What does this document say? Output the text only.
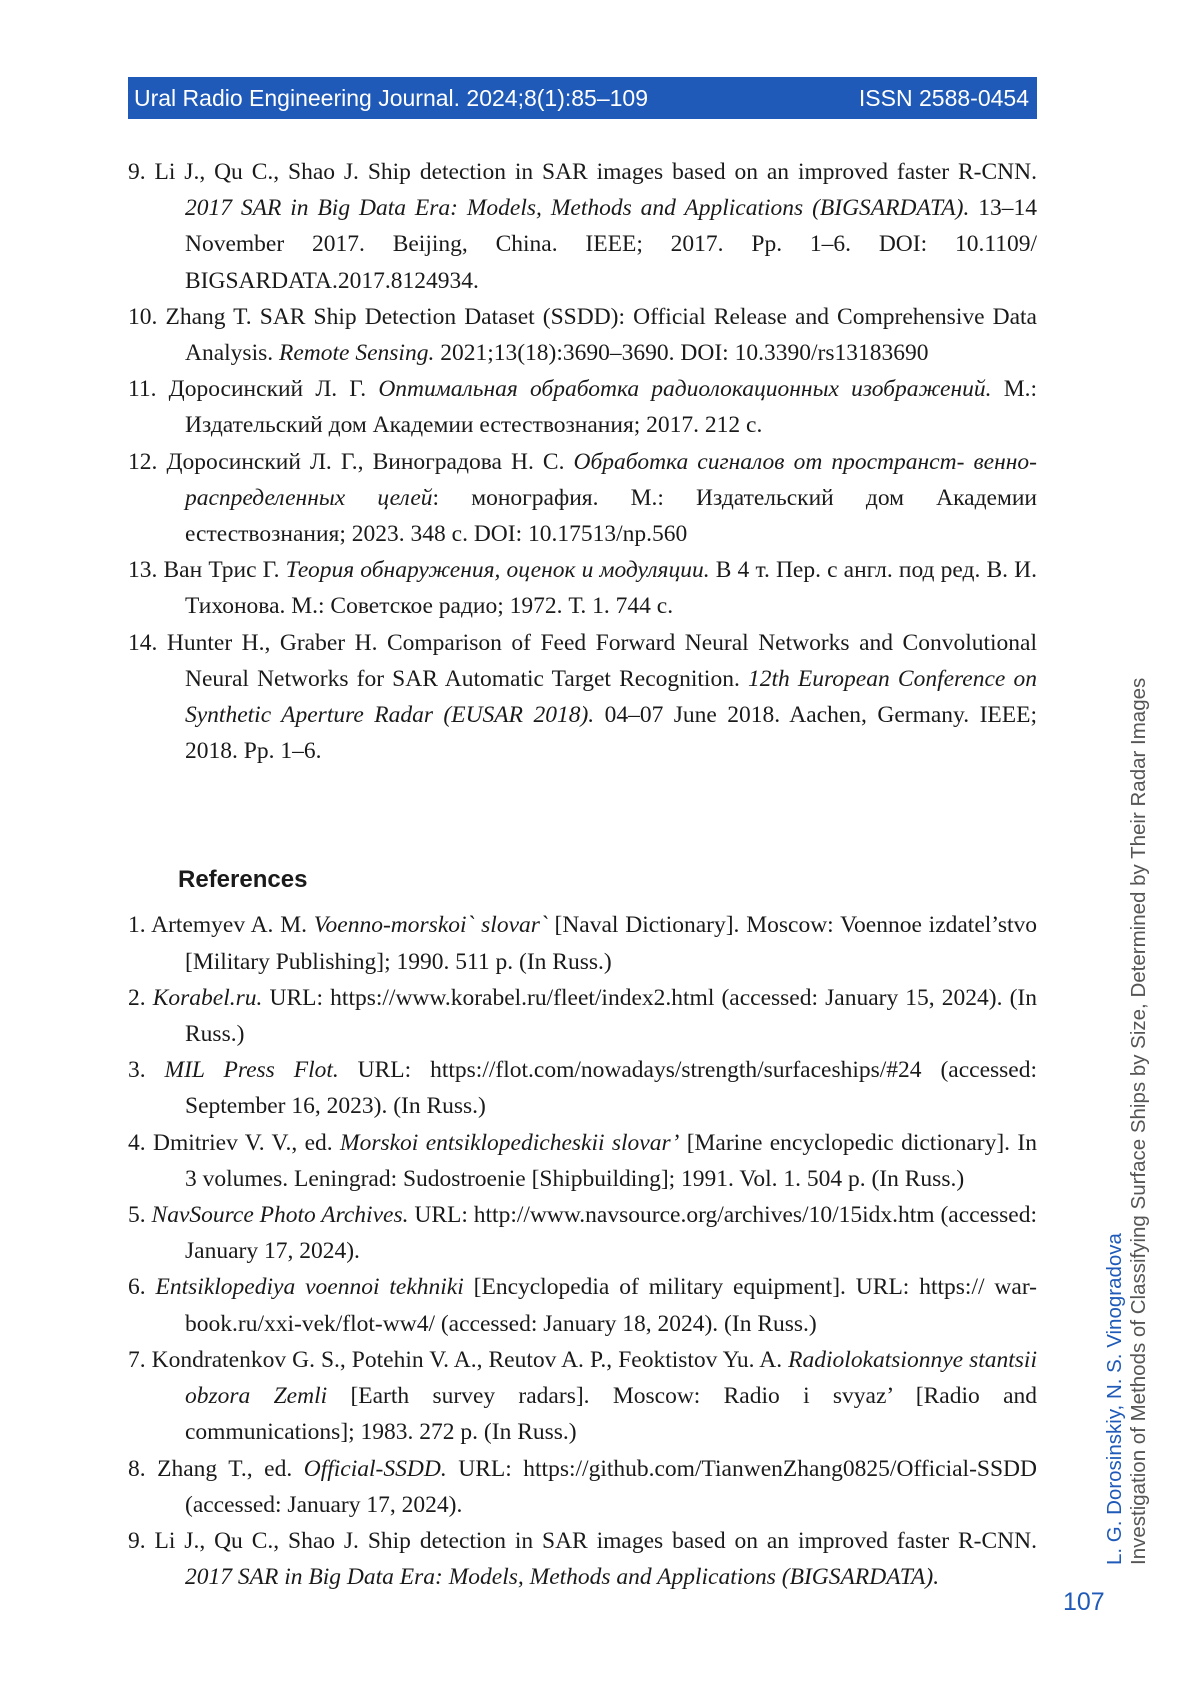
Ural Radio Engineering Journal. 2024;8(1):85–109	ISSN 2588-0454

9. Li J., Qu C., Shao J. Ship detection in SAR images based on an improved faster R-CNN. 2017 SAR in Big Data Era: Models, Methods and Applications (BIGSARDATA). 13–14 November 2017. Beijing, China. IEEE; 2017. Pp. 1–6. DOI: 10.1109/ BIGSARDATA.2017.8124934.

10. Zhang T. SAR Ship Detection Dataset (SSDD): Official Release and Comprehensive Data Analysis. Remote Sensing. 2021;13(18):3690–3690. DOI: 10.3390/rs13183690

11. Доросинский Л. Г. Оптимальная обработка радиолокационных изображений. М.: Издательский дом Академии естествознания; 2017. 212 с.

12. Доросинский Л. Г., Виноградова Н. С. Обработка сигналов от пространст- венно- распределенных целей: монография. М.: Издательский дом Академии естествознания; 2023. 348 с. DOI: 10.17513/np.560

13. Ван Трис Г. Теория обнаружения, оценок и модуляции. В 4 т. Пер. с англ. под ред. В. И. Тихонова. М.: Советское радио; 1972. Т. 1. 744 с.

14. Hunter H., Graber H. Comparison of Feed Forward Neural Networks and Convolutional Neural Networks for SAR Automatic Target Recognition. 12th European Conference on Synthetic Aperture Radar (EUSAR 2018). 04–07 June 2018. Aachen, Germany. IEEE; 2018. Pp. 1–6.

References

1. Artemyev A. M. Voenno-morskoi` slovar` [Naval Dictionary]. Moscow: Voennoe izdatel’stvo [Military Publishing]; 1990. 511 p. (In Russ.)

2. Korabel.ru. URL: https://www.korabel.ru/fleet/index2.html (accessed: January 15, 2024). (In Russ.)

3. MIL Press Flot. URL: https://flot.com/nowadays/strength/surfaceships/#24 (accessed: September 16, 2023). (In Russ.)

4. Dmitriev V. V., ed. Morskoi entsiklopedicheskii slovar’ [Marine encyclopedic dictionary]. In 3 volumes. Leningrad: Sudostroenie [Shipbuilding]; 1991. Vol. 1. 504 p. (In Russ.)

5. NavSource Photo Archives. URL: http://www.navsource.org/archives/10/15idx.htm (accessed: January 17, 2024).

6. Entsiklopediya voennoi tekhniki [Encyclopedia of military equipment]. URL: https:// war-book.ru/xxi-vek/flot-ww4/ (accessed: January 18, 2024). (In Russ.)

7. Kondratenkov G. S., Potehin V. A., Reutov A. P., Feoktistov Yu. A. Radiolokatsionnye stantsii obzora Zemli [Earth survey radars]. Moscow: Radio i svyaz’ [Radio and communications]; 1983. 272 p. (In Russ.)

8. Zhang T., ed. Official-SSDD. URL: https://github.com/TianwenZhang0825/Official-SSDD (accessed: January 17, 2024).

9. Li J., Qu C., Shao J. Ship detection in SAR images based on an improved faster R-CNN. 2017 SAR in Big Data Era: Models, Methods and Applications (BIGSARDATA).

L. G. Dorosinskiy, N. S. Vinogradova Investigation of Methods of Classifying Surface Ships by Size, Determined by Their Radar Images
107
